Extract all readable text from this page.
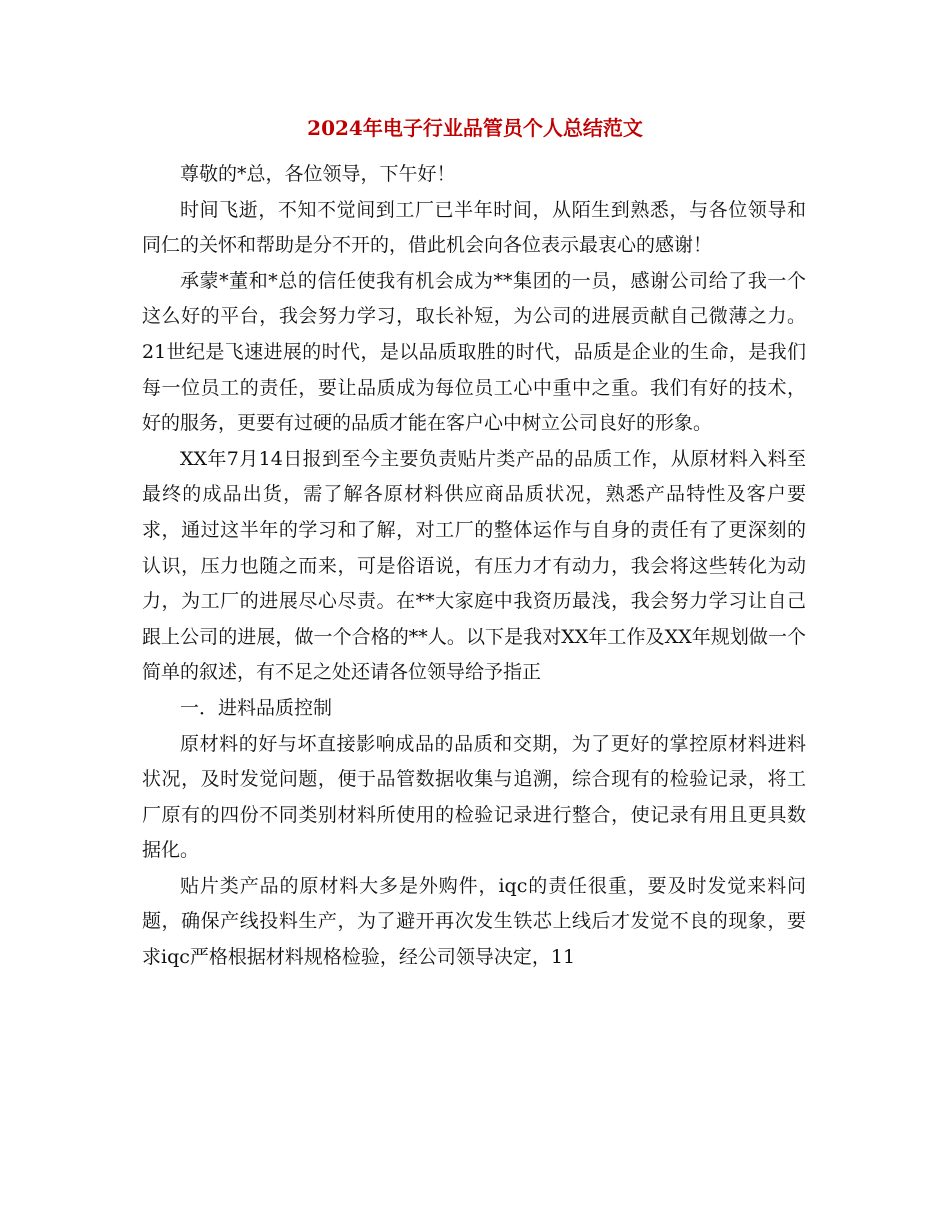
2024年电子行业品管员个人总结范文

尊敬的*总，各位领导，下午好！

时间飞逝，不知不觉间到工厂已半年时间，从陌生到熟悉，与各位领导和同仁的关怀和帮助是分不开的，借此机会向各位表示最衷心的感谢！

承蒙*董和*总的信任使我有机会成为**集团的一员，感谢公司给了我一个这么好的平台，我会努力学习，取长补短，为公司的进展贡献自己微薄之力。21世纪是飞速进展的时代，是以品质取胜的时代，品质是企业的生命，是我们每一位员工的责任，要让品质成为每位员工心中重中之重。我们有好的技术，好的服务，更要有过硬的品质才能在客户心中树立公司良好的形象。

XX年7月14日报到至今主要负责贴片类产品的品质工作，从原材料入料至最终的成品出货，需了解各原材料供应商品质状况，熟悉产品特性及客户要求，通过这半年的学习和了解，对工厂的整体运作与自身的责任有了更深刻的认识，压力也随之而来，可是俗语说，有压力才有动力，我会将这些转化为动力，为工厂的进展尽心尽责。在**大家庭中我资历最浅，我会努力学习让自己跟上公司的进展，做一个合格的**人。以下是我对XX年工作及XX年规划做一个简单的叙述，有不足之处还请各位领导给予指正

一．进料品质控制

原材料的好与坏直接影响成品的品质和交期，为了更好的掌控原材料进料状况，及时发觉问题，便于品管数据收集与追溯，综合现有的检验记录，将工厂原有的四份不同类别材料所使用的检验记录进行整合，使记录有用且更具数据化。

贴片类产品的原材料大多是外购件，iqc的责任很重，要及时发觉来料问题，确保产线投料生产，为了避开再次发生铁芯上线后才发觉不良的现象，要求iqc严格根据材料规格检验，经公司领导决定，11
